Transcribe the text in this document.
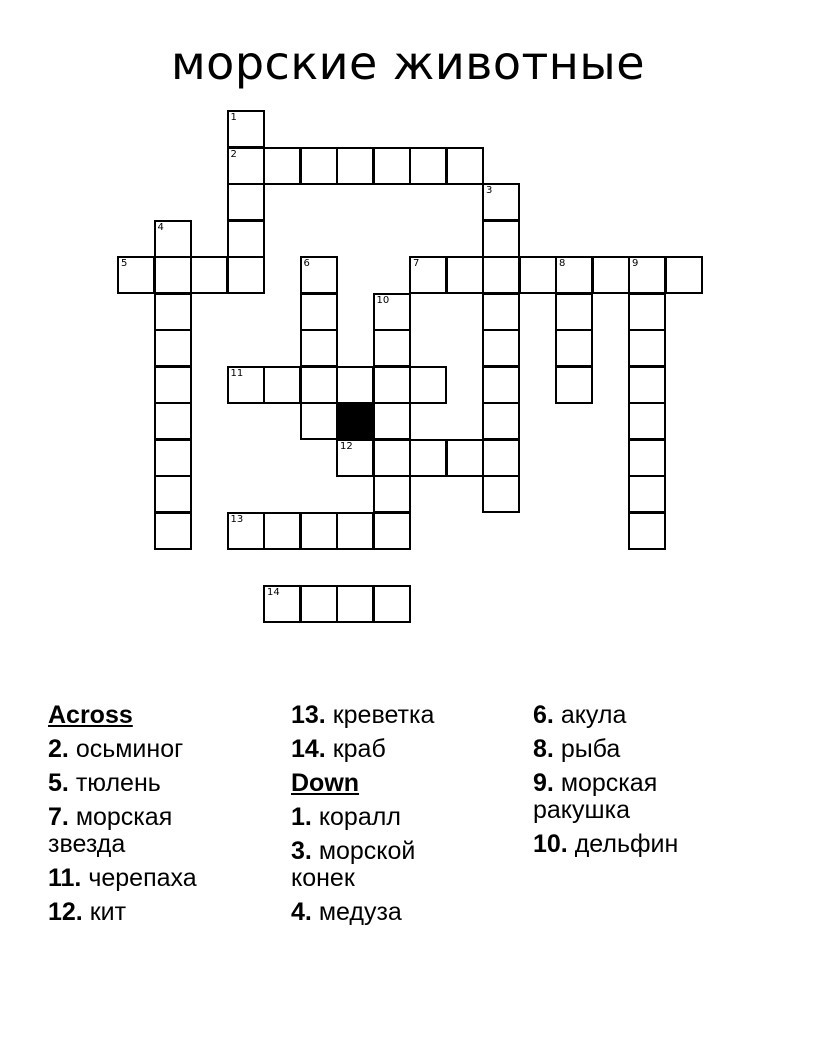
морские животные
1
2
3
4
5	6	7	8	9
10
11
12
13
14
Across
2. осьминог
5. тюлень
7. морская звезда
11. черепаха
12. кит
13. креветка
14. краб
Down
1. коралл
3. морской конек
4. медуза
6. акула
8. рыба
9. морская ракушка
10. дельфин
